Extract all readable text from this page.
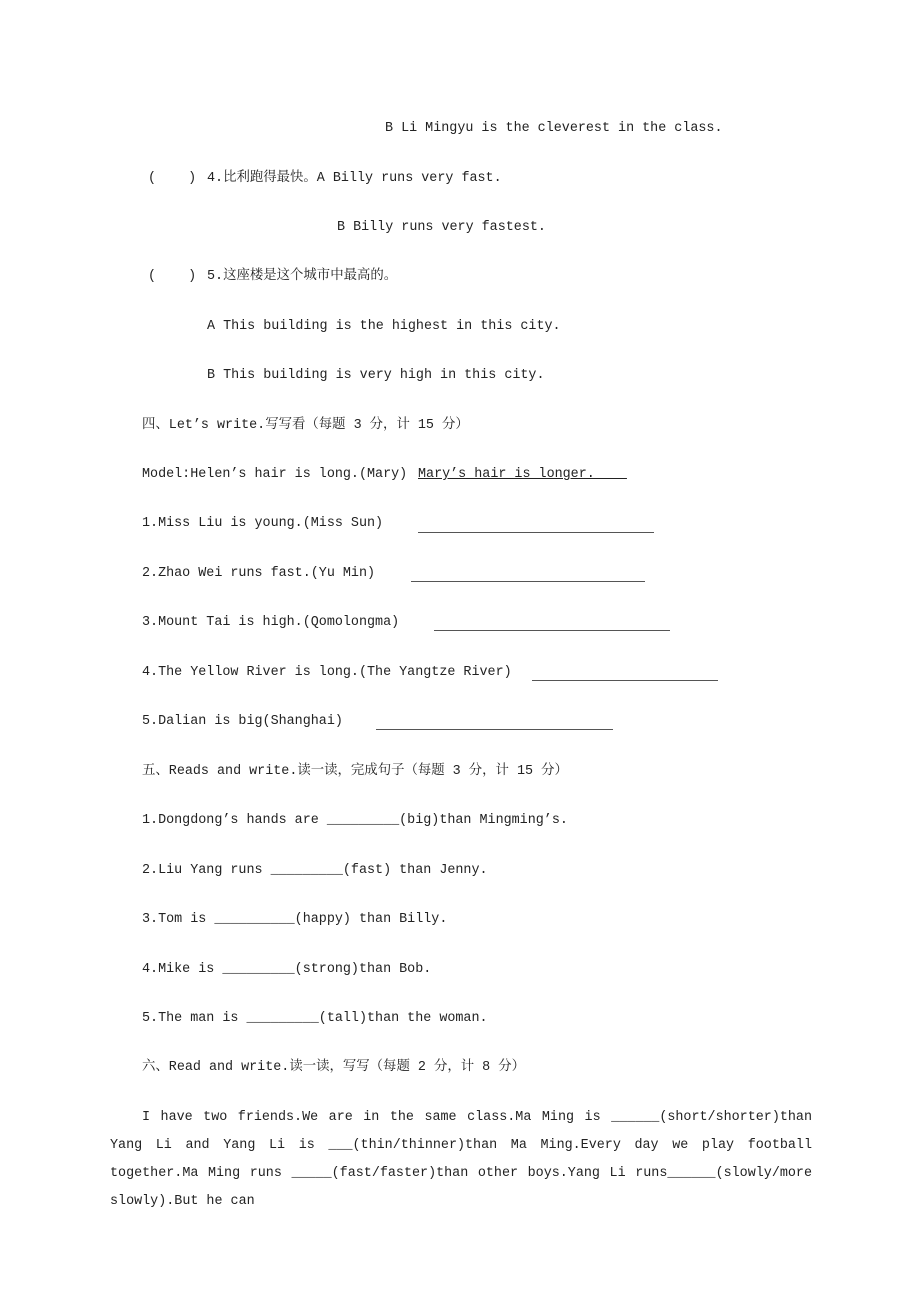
B Li Mingyu is the cleverest in the class.
(    ) 4.比利跑得最快。A Billy runs very fast.
B Billy runs very fastest.
(    ) 5.这座楼是这个城市中最高的。
A This building is the highest in this city.
B This building is very high in this city.
四、Let’s write.写写看（每题 3 分，计 15 分）
Model:Helen’s hair is long.(Mary) Mary’s hair is longer.
1.Miss Liu is young.(Miss Sun)
2.Zhao Wei runs fast.(Yu Min)
3.Mount Tai is high.(Qomolongma)
4.The Yellow River is long.(The Yangtze River)
5.Dalian is big(Shanghai)
五、Reads and write.读一读，完成句子（每题 3 分，计 15 分）
1.Dongdong’s hands are _________(big)than Mingming’s.
2.Liu Yang runs _________(fast) than Jenny.
3.Tom is __________(happy) than Billy.
4.Mike is _________(strong)than Bob.
5.The man is _________(tall)than the woman.
六、Read and write.读一读，写写（每题 2 分，计 8 分）
I have two friends.We are in the same class.Ma Ming is ______(short/shorter)than Yang Li and Yang Li is ___(thin/thinner)than Ma Ming.Every day we play football together.Ma Ming runs _____(fast/faster)than other boys.Yang Li runs______(slowly/more slowly).But he can
